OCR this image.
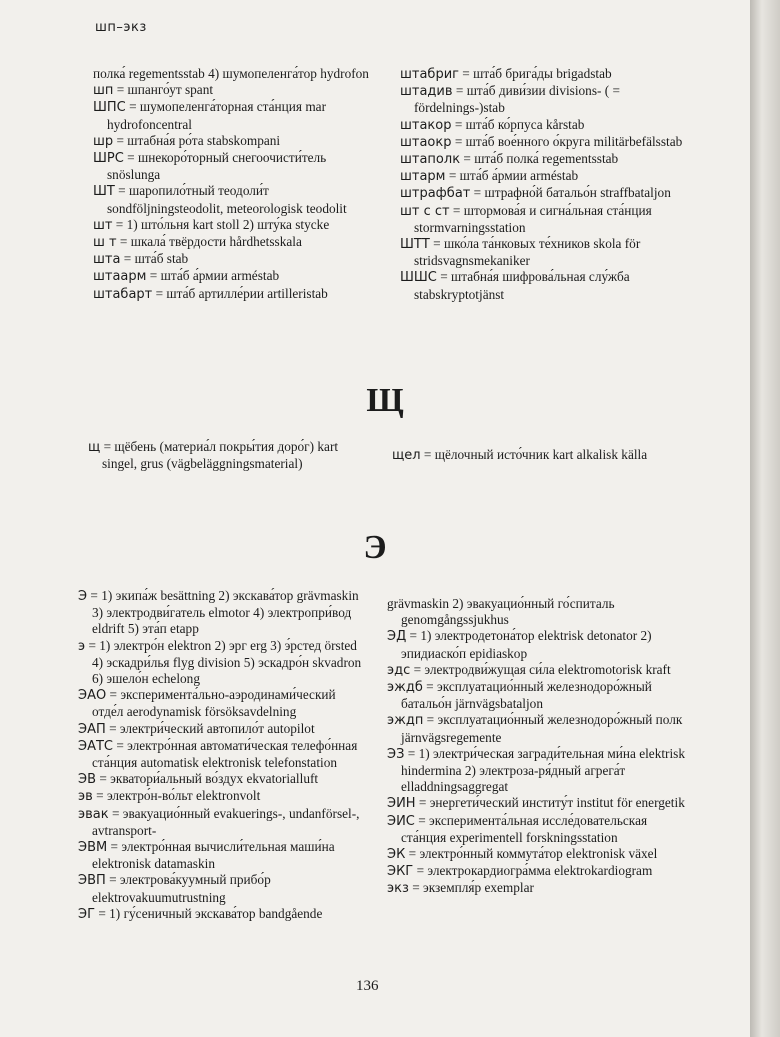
шп–экз

полка́ regementsstab 4) шумопеленга́тор hydrofon

шп = шпанго́ут spant

ШПС = шумопеленга́торная ста́нция mar hydrofoncentral

шр = штабна́я ро́та stabskompani

ШРС = шнекоро́торный снегоочисти́тель snöslunga

ШТ = шаропило́тный теодоли́т sondföljningsteodolit, meteorologisk teodolit

шт = 1) што́льня kart stoll 2) шту́ка stycke

ш т = шкала́ твёрдости hårdhetsskala

шта = шта́б stab

штаарм = шта́б а́рмии arméstab

штабарт = шта́б артилле́рии artilleristab

штабриг = шта́б брига́ды brigadstab

штадив = шта́б диви́зии divisions- ( = fördelnings-)stab

штакор = шта́б ко́рпуса kårstab

штаокр = шта́б вое́нного о́круга militärbefälsstab

штаполк = шта́б полка́ regementsstab

штарм = шта́б а́рмии arméstab

штрафбат = штрафно́й батальо́н straffbataljon

шт с ст = штормова́я и сигна́льная ста́нция stormvarningsstation

ШТТ = шко́ла та́нковых те́хников skola för stridsvagnsmekaniker

ШШС = штабна́я шифрова́льная слу́жба stabskryptotjänst

Щ

щ = щёбень (материа́л покры́тия доро́г) kart singel, grus (vägbeläggningsmaterial)

щел = щёлочный исто́чник kart alkalisk källa

Э

Э = 1) экипа́ж besättning 2) экскава́тор grävmaskin 3) электродви́гатель elmotor 4) электропри́вод eldrift 5) эта́п etapp

э = 1) электро́н elektron 2) эрг erg 3) э́рстед örsted 4) эскадри́лья flyg division 5) эскадро́н skvadron 6) эшело́н echelong

ЭАО = эксперимента́льно-аэродинами́ческий отде́л aerodynamisk försöksavdelning

ЭАП = электри́ческий автопило́т autopilot

ЭАТС = электро́нная автомати́ческая телефо́нная ста́нция automatisk elektronisk telefonstation

ЭВ = экватори́альный во́здух ekvatorialluft

эв = электро́н-во́льт elektronvolt

эвак = эвакуацио́нный evakuerings-, undanförsel-, avtransport-

ЭВМ = электро́нная вычисли́тельная маши́на elektronisk datamaskin

ЭВП = электрова́куумный прибо́р elektrovakuumutrustning

ЭГ = 1) гу́сеничный экскава́тор bandgående

grävmaskin 2) эвакуацио́нный го́спиталь genomgångssjukhus

ЭД = 1) электродетона́тор elektrisk detonator 2) эпидиаско́п epidiaskop

эдс = электродви́жущая си́ла elektromotorisk kraft

эждб = эксплуатацио́нный железнодоро́жный батальо́н järnvägsbataljon

эждп = эксплуатацио́нный железнодоро́жный полк järnvägsregemente

ЭЗ = 1) электри́ческая загради́тельная ми́на elektrisk hindermina 2) электроза-ря́дный агрега́т elladdningsaggregat

ЭИН = энергети́ческий институ́т institut för energetik

ЭИС = эксперимента́льная иссле́довательская ста́нция experimentell forskningsstation

ЭК = электро́нный коммута́тор elektronisk växel

ЭКГ = электрокардиогра́мма elektrokardiogram

экз = экземпля́р exemplar

136
